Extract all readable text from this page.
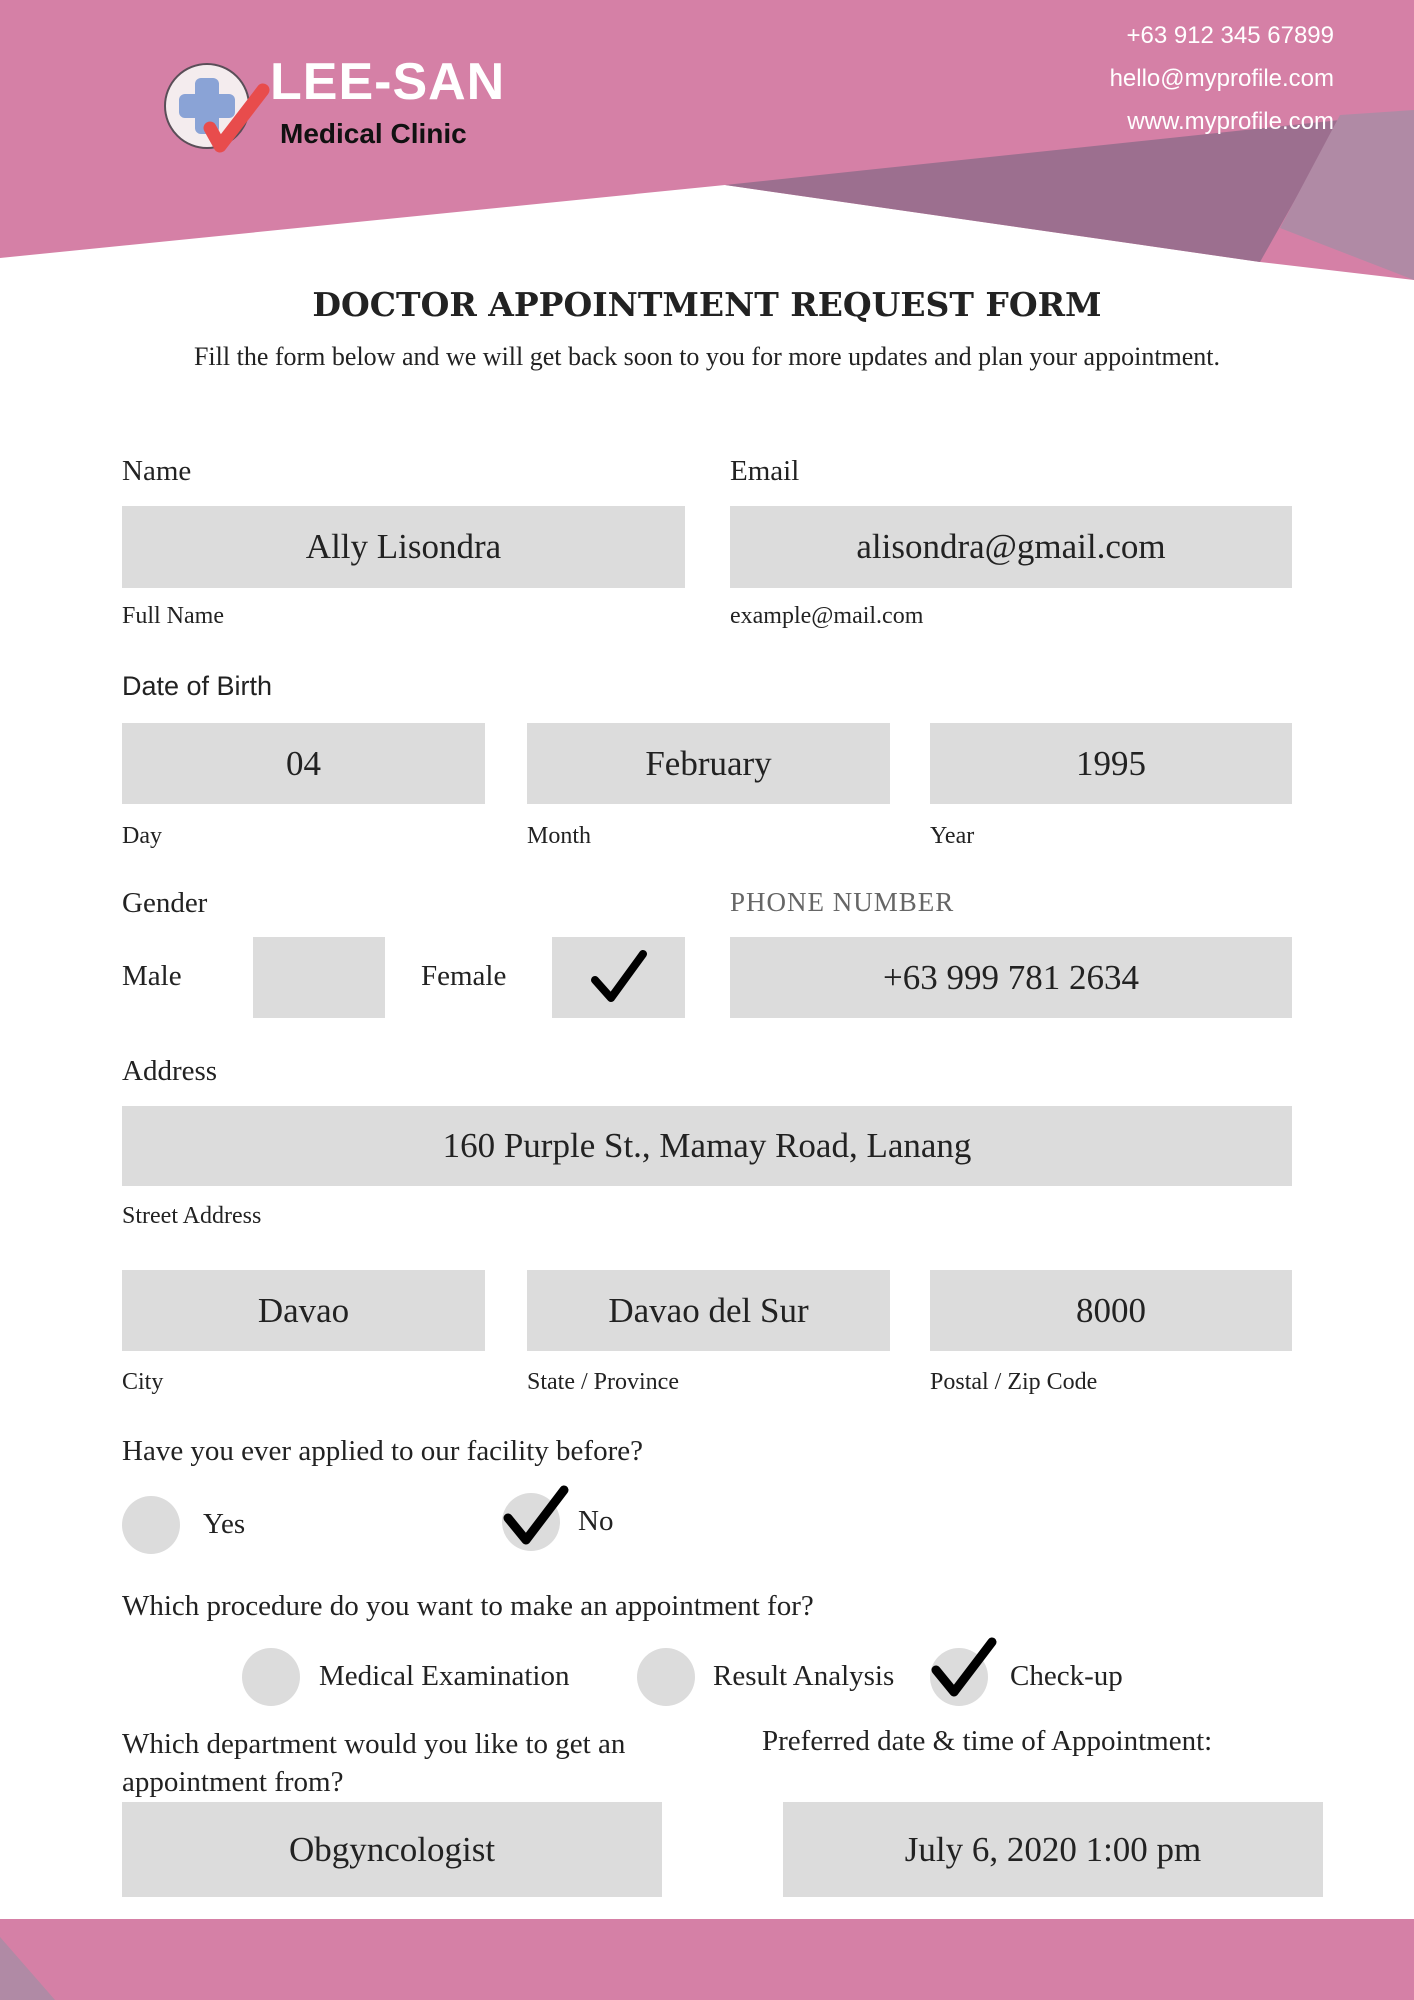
LEE-SAN
Medical Clinic
+63 912 345 67899
hello@myprofile.com
www.myprofile.com
DOCTOR APPOINTMENT REQUEST FORM
Fill the form below and we will get back soon to you for more updates and plan your appointment.
Name
Ally Lisondra
Full Name
Email
alisondra@gmail.com
example@mail.com
Date of Birth
04	February	1995
Day	Month	Year
Gender
Male	Female
PHONE NUMBER
+63 999 781 2634
Address
160 Purple St., Mamay Road, Lanang
Street Address
Davao	Davao del Sur	8000
City	State / Province	Postal / Zip Code
Have you ever applied to our facility before?
Yes	No
Which procedure do you want to make an appointment for?
Medical Examination	Result Analysis	Check-up
Which department would you like to get an appointment from?
Obgyncologist
Preferred date & time of Appointment:
July 6, 2020 1:00 pm
